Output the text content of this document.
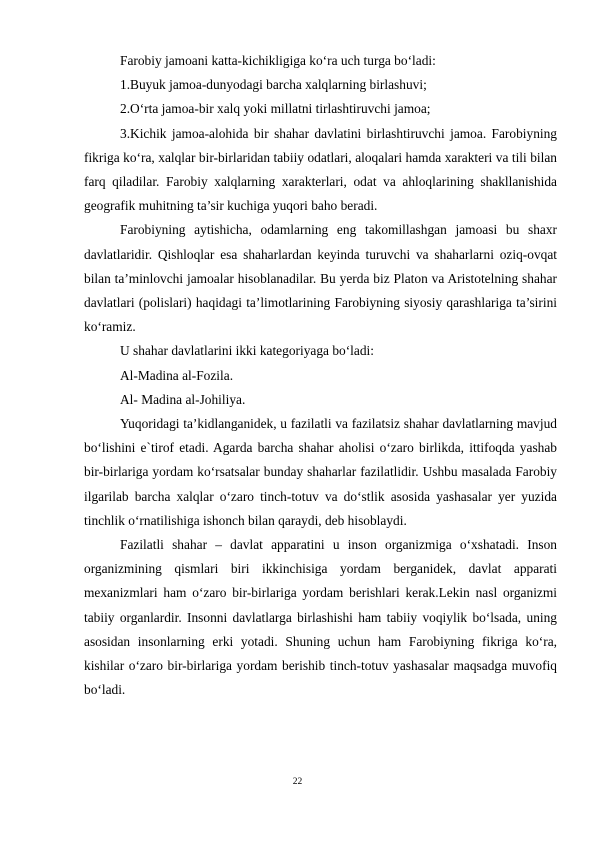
Farobiy jamoani katta-kichikligiga ko‘ra uch turga bo‘ladi:

1.Buyuk jamoa-dunyodagi barcha xalqlarning birlashuvi;

2.O‘rta jamoa-bir xalq yoki millatni tirlashtiruvchi jamoa;

3.Kichik jamoa-alohida bir shahar davlatini birlashtiruvchi jamoa. Farobiyning fikriga ko‘ra, xalqlar bir-birlaridan tabiiy odatlari, aloqalari hamda xarakteri va tili bilan farq qiladilar. Farobiy xalqlarning xarakterlari, odat va ahloqlarining shakllanishida geografik muhitning ta’sir kuchiga yuqori baho beradi.

Farobiyning aytishicha, odamlarning eng takomillashgan jamoasi bu shaxr davlatlaridir. Qishloqlar esa shaharlardan keyinda turuvchi va shaharlarni oziq-ovqat bilan ta’minlovchi jamoalar hisoblanadilar. Bu yerda biz Platon va Aristotelning shahar davlatlari (polislari) haqidagi ta’limotlarining Farobiyning siyosiy qarashlariga ta’sirini ko‘ramiz.

U shahar davlatlarini ikki kategoriyaga bo‘ladi:

Al-Madina al-Fozila.

Al- Madina al-Johiliya.

Yuqoridagi ta’kidlanganidek, u fazilatli va fazilatsiz shahar davlatlarning mavjud bo‘lishini e`tirof etadi. Agarda barcha shahar aholisi o‘zaro birlikda, ittifoqda yashab bir-birlariga yordam ko‘rsatsalar bunday shaharlar fazilatlidir. Ushbu masalada Farobiy ilgarilab barcha xalqlar o‘zaro tinch-totuv va do‘stlik asosida yashasalar yer yuzida tinchlik o‘rnatilishiga ishonch bilan qaraydi, deb hisoblaydi.

Fazilatli shahar – davlat apparatini u inson organizmiga o‘xshatadi. Inson organizmining qismlari biri ikkinchisiga yordam berganidek, davlat apparati mexanizmlari ham o‘zaro bir-birlariga yordam berishlari kerak.Lekin nasl organizmi tabiiy organlardir. Insonni davlatlarga birlashishi ham tabiiy voqiylik bo‘lsada, uning asosidan insonlarning erki yotadi. Shuning uchun ham Farobiyning fikriga ko‘ra, kishilar o‘zaro bir-birlariga yordam berishib tinch-totuv yashasalar maqsadga muvofiq bo‘ladi.

22
